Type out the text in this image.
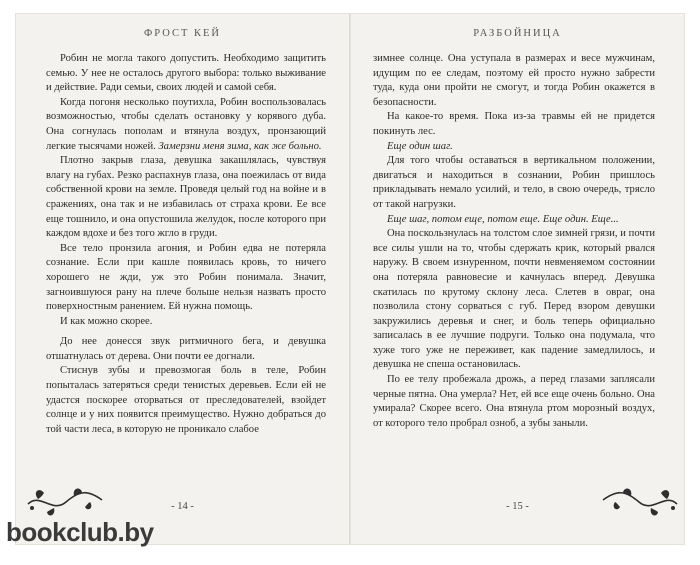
ФРОСТ КЕЙ

Робин не могла такого допустить. Необходимо защитить семью. У нее не осталось другого выбора: только выживание и действие. Ради семьи, своих людей и самой себя.

Когда погоня несколько поутихла, Робин воспользовалась возможностью, чтобы сделать остановку у корявого дуба. Она согнулась пополам и втянула воздух, пронзающий легкие тысячами ножей. Замерзни меня зима, как же больно.

Плотно закрыв глаза, девушка закашлялась, чувствуя влагу на губах. Резко распахнув глаза, она поежилась от вида собственной крови на земле. Проведя целый год на войне и в сражениях, она так и не избавилась от страха крови. Ее все еще тошнило, и она опустошила желудок, после которого при каждом вдохе и без того жгло в груди.

Все тело пронзила агония, и Робин едва не потеряла сознание. Если при кашле появилась кровь, то ничего хорошего не жди, уж это Робин понимала. Значит, загноившуюся рану на плече больше нельзя назвать просто поверхностным ранением. Ей нужна помощь.

И как можно скорее.

До нее донесся звук ритмичного бега, и девушка отшатнулась от дерева. Они почти ее догнали.

Стиснув зубы и превозмогая боль в теле, Робин попыталась затеряться среди тенистых деревьев. Если ей не удастся поскорее оторваться от преследователей, взойдет солнце и у них появится преимущество. Нужно добраться до той части леса, в которую не проникало слабое

- 14 -
РАЗБОЙНИЦА

зимнее солнце. Она уступала в размерах и весе мужчинам, идущим по ее следам, поэтому ей просто нужно забрести туда, куда они пройти не смогут, и тогда Робин окажется в безопасности.

На какое-то время. Пока из-за травмы ей не придется покинуть лес.

Еще один шаг.

Для того чтобы оставаться в вертикальном положении, двигаться и находиться в сознании, Робин пришлось прикладывать немало усилий, и тело, в свою очередь, трясло от такой нагрузки.

Еще шаг, потом еще, потом еще. Еще один. Еще...

Она поскользнулась на толстом слое зимней грязи, и почти все силы ушли на то, чтобы сдержать крик, который рвался наружу. В своем изнуренном, почти невменяемом состоянии она потеряла равновесие и качнулась вперед. Девушка скатилась по крутому склону леса. Слетев в овраг, она позволила стону сорваться с губ. Перед взором девушки закружились деревья и снег, и боль теперь официально записалась в ее лучшие подруги. Только она подумала, что хуже того уже не переживет, как падение замедлилось, и девушка не спеша остановилась.

По ее телу пробежала дрожь, а перед глазами заплясали черные пятна. Она умерла? Нет, ей все еще очень больно. Она умирала? Скорее всего. Она втянула ртом морозный воздух, от которого тело пробрал озноб, а зубы заныли.

- 15 -
bookclub.by
